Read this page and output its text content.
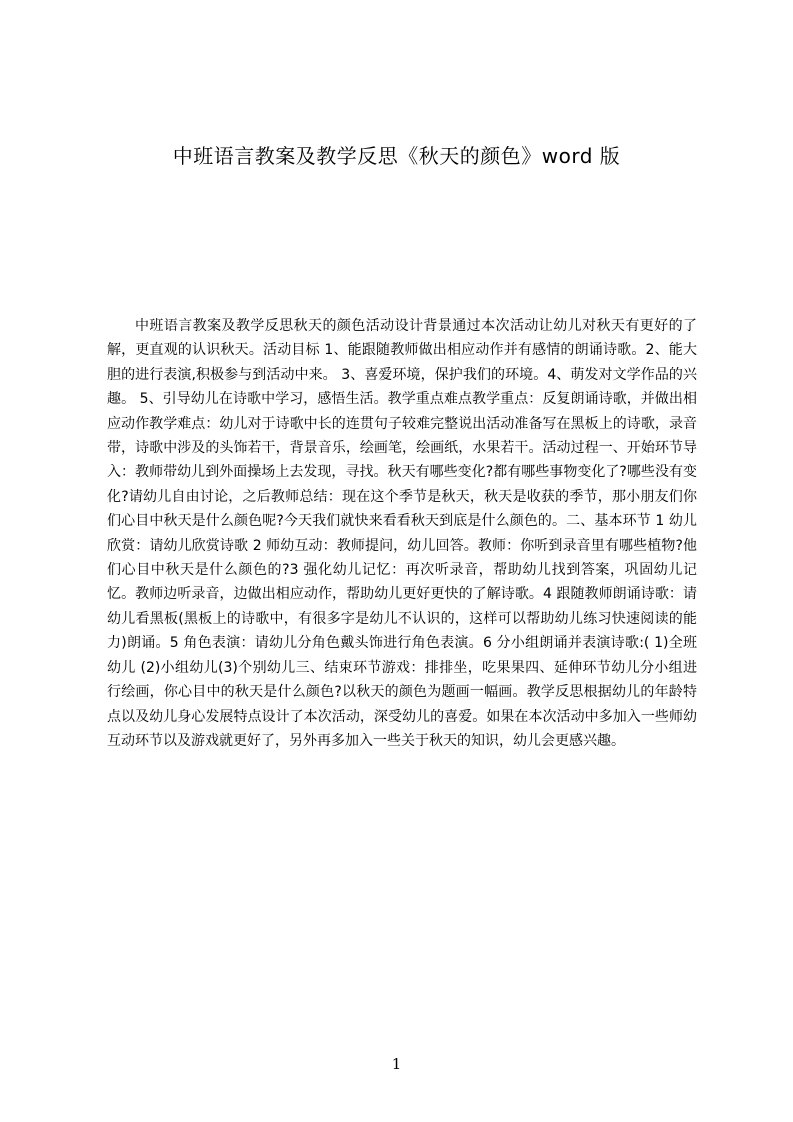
中班语言教案及教学反思《秋天的颜色》word 版

中班语言教案及教学反思秋天的颜色活动设计背景通过本次活动让幼儿对秋天有更好的了解，更直观的认识秋天。活动目标 1、能跟随教师做出相应动作并有感情的朗诵诗歌。2、能大胆的进行表演,积极参与到活动中来。 3、喜爱环境，保护我们的环境。4、萌发对文学作品的兴趣。 5、引导幼儿在诗歌中学习，感悟生活。教学重点难点教学重点：反复朗诵诗歌，并做出相应动作教学难点：幼儿对于诗歌中长的连贯句子较难完整说出活动准备写在黑板上的诗歌，录音带，诗歌中涉及的头饰若干，背景音乐，绘画笔，绘画纸，水果若干。活动过程一、开始环节导入：教师带幼儿到外面操场上去发现，寻找。秋天有哪些变化?都有哪些事物变化了?哪些没有变化?请幼儿自由讨论，之后教师总结：现在这个季节是秋天，秋天是收获的季节，那小朋友们你们心目中秋天是什么颜色呢?今天我们就快来看看秋天到底是什么颜色的。二、基本环节 1 幼儿欣赏：请幼儿欣赏诗歌 2 师幼互动：教师提问，幼儿回答。教师：你听到录音里有哪些植物?他们心目中秋天是什么颜色的?3 强化幼儿记忆：再次听录音，帮助幼儿找到答案，巩固幼儿记忆。教师边听录音，边做出相应动作，帮助幼儿更好更快的了解诗歌。4 跟随教师朗诵诗歌：请幼儿看黑板(黑板上的诗歌中，有很多字是幼儿不认识的，这样可以帮助幼儿练习快速阅读的能力)朗诵。5 角色表演：请幼儿分角色戴头饰进行角色表演。6 分小组朗诵并表演诗歌:( 1)全班幼儿 (2)小组幼儿(3)个别幼儿三、结束环节游戏：排排坐，吃果果四、延伸环节幼儿分小组进行绘画，你心目中的秋天是什么颜色?以秋天的颜色为题画一幅画。教学反思根据幼儿的年龄特点以及幼儿身心发展特点设计了本次活动，深受幼儿的喜爱。如果在本次活动中多加入一些师幼互动环节以及游戏就更好了，另外再多加入一些关于秋天的知识，幼儿会更感兴趣。

1
